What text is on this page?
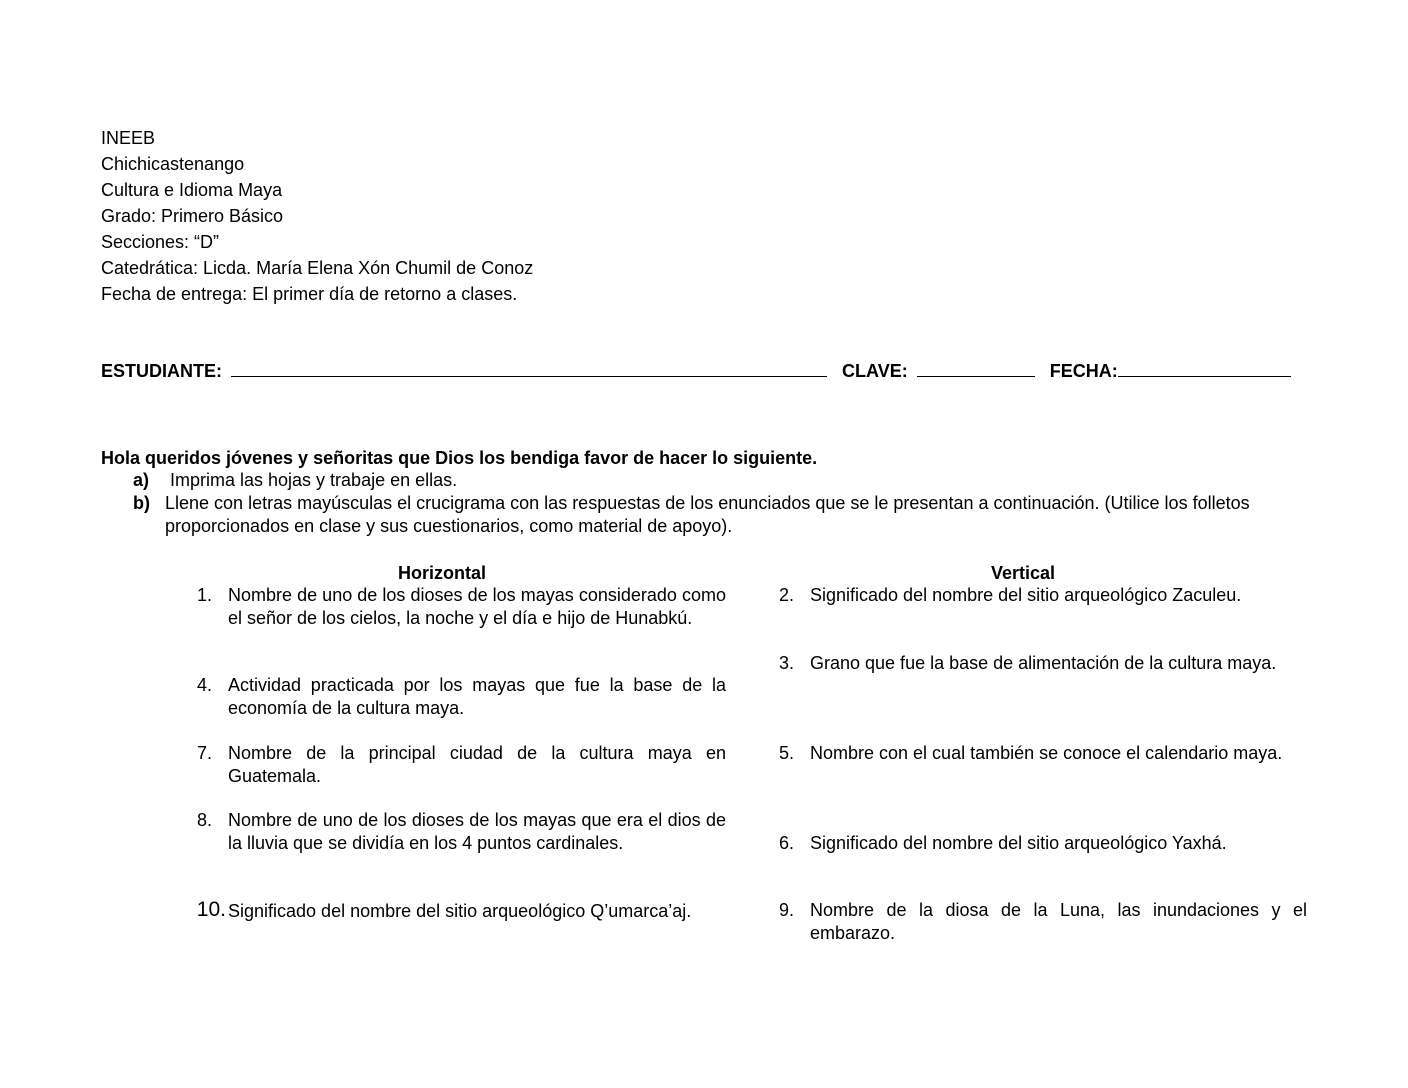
INEEB
Chichicastenango
Cultura e Idioma Maya
Grado: Primero Básico
Secciones: “D”
Catedrática: Licda. María Elena Xón Chumil de Conoz
Fecha de entrega: El primer día de retorno a clases.
ESTUDIANTE:	CLAVE:	FECHA:
Hola queridos jóvenes y señoritas que Dios los bendiga favor de hacer lo siguiente.
a) Imprima las hojas y trabaje en ellas.
b) Llene con letras mayúsculas el crucigrama con las respuestas de los enunciados que se le presentan a continuación. (Utilice los folletos proporcionados en clase y sus cuestionarios, como material de apoyo).
Horizontal	Vertical
1. Nombre de uno de los dioses de los mayas considerado como el señor de los cielos, la noche y el día e hijo de Hunabkú.
4. Actividad practicada por los mayas que fue la base de la economía de la cultura maya.
7. Nombre de la principal ciudad de la cultura maya en Guatemala.
8. Nombre de uno de los dioses de los mayas que era el dios de la lluvia que se dividía en los 4 puntos cardinales.
10. Significado del nombre del sitio arqueológico Q’umarca’aj.
2. Significado del nombre del sitio arqueológico Zaculeu.
3. Grano que fue la base de alimentación de la cultura maya.
5. Nombre con el cual también se conoce el calendario maya.
6. Significado del nombre del sitio arqueológico Yaxhá.
9. Nombre de la diosa de la Luna, las inundaciones y el embarazo.
